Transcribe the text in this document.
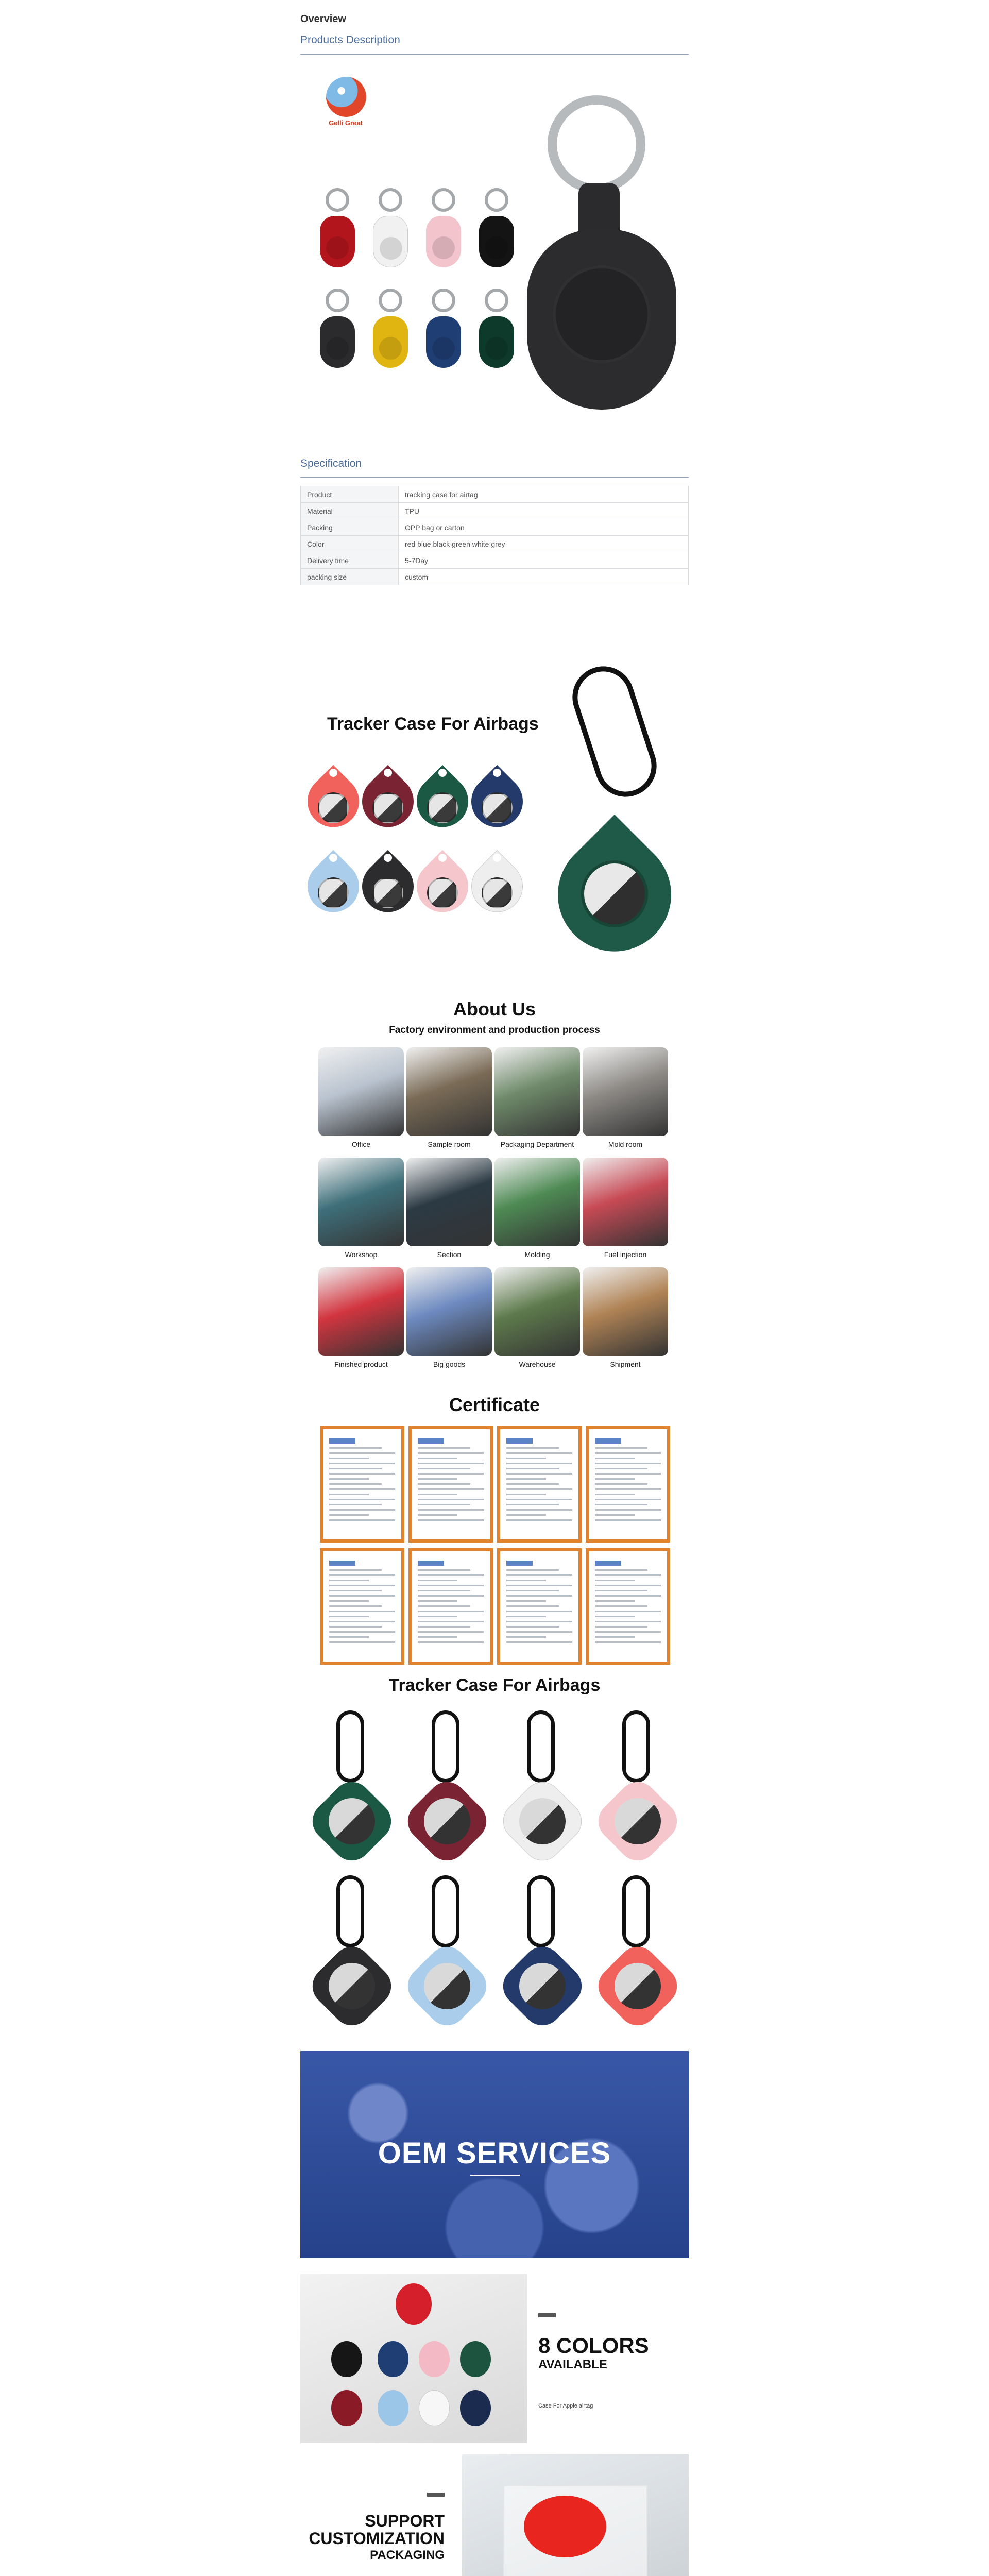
Overview
Products Description
Gelli Great
Specification
Product	tracking case for airtag
Material	TPU
Packing	OPP bag or carton
Color	red blue black green white grey
Delivery time	5-7Day
packing size	custom
Tracker Case For Airbags
About Us
Factory environment and production process
Office	Sample room	Packaging Department	Mold room
Workshop	Section	Molding	Fuel injection
Finished product	Big goods	Warehouse	Shipment
Certificate
Tracker Case For Airbags
OEM SERVICES
8 COLORS
AVAILABLE
Case For Apple airtag
SUPPORT
CUSTOMIZATION
PACKAGING
